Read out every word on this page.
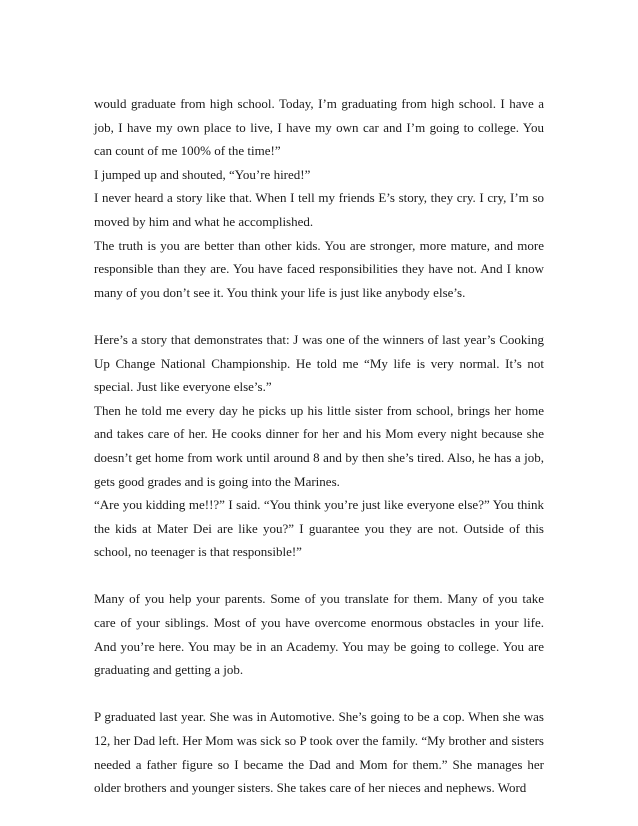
would graduate from high school. Today, I’m graduating from high school. I have a job, I have my own place to live, I have my own car and I’m going to college. You can count of me 100% of the time!”

I jumped up and shouted, “You’re hired!”

I never heard a story like that. When I tell my friends E’s story, they cry. I cry, I’m so moved by him and what he accomplished.

The truth is you are better than other kids. You are stronger, more mature, and more responsible than they are. You have faced responsibilities they have not. And I know many of you don’t see it. You think your life is just like anybody else’s.

Here’s a story that demonstrates that: J was one of the winners of last year’s Cooking Up Change National Championship. He told me “My life is very normal. It’s not special. Just like everyone else’s.”

Then he told me every day he picks up his little sister from school, brings her home and takes care of her. He cooks dinner for her and his Mom every night because she doesn’t get home from work until around 8 and by then she’s tired. Also, he has a job, gets good grades and is going into the Marines.

“Are you kidding me!!?” I said. “You think you’re just like everyone else?” You think the kids at Mater Dei are like you?” I guarantee you they are not. Outside of this school, no teenager is that responsible!”

Many of you help your parents. Some of you translate for them. Many of you take care of your siblings. Most of you have overcome enormous obstacles in your life. And you’re here. You may be in an Academy. You may be going to college. You are graduating and getting a job.

P graduated last year. She was in Automotive. She’s going to be a cop. When she was 12, her Dad left. Her Mom was sick so P took over the family. “My brother and sisters needed a father figure so I became the Dad and Mom for them.” She manages her older brothers and younger sisters. She takes care of her nieces and nephews. Word
